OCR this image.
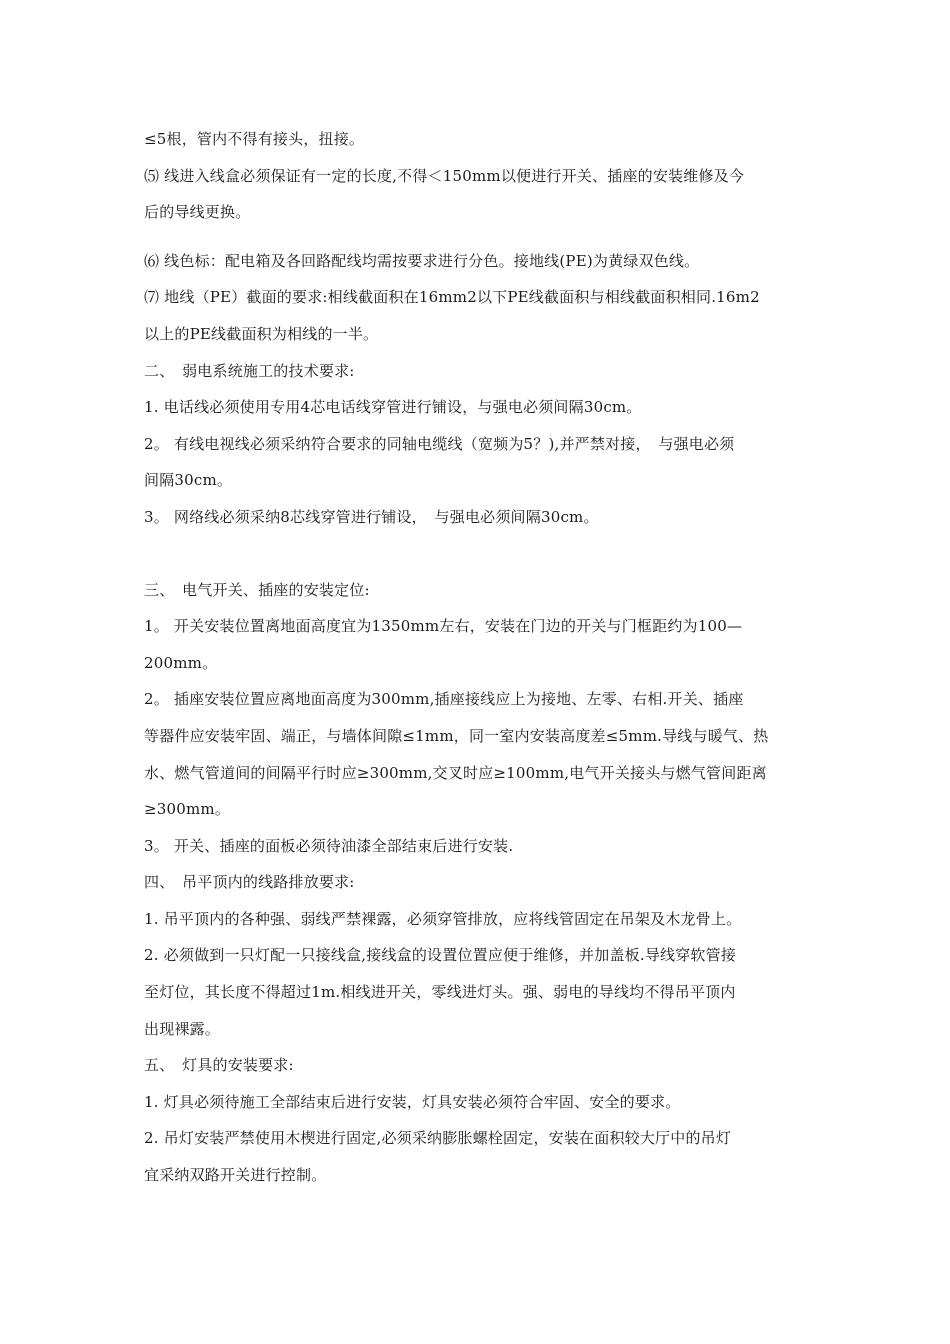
≤5根，管内不得有接头，扭接。
⑸ 线进入线盒必须保证有一定的长度,不得＜150mm以便进行开关、插座的安装维修及今
后的导线更换。
⑹ 线色标：配电箱及各回路配线均需按要求进行分色。接地线(PE)为黄绿双色线。
⑺ 地线（PE）截面的要求:相线截面积在16mm2以下PE线截面积与相线截面积相同.16m2
以上的PE线截面积为相线的一半。
二、　弱电系统施工的技术要求:
1. 电话线必须使用专用4芯电话线穿管进行铺设，与强电必须间隔30cm。
2。 有线电视线必须采纳符合要求的同轴电缆线（宽频为5？),并严禁对接，　与强电必须
间隔30cm。
3。 网络线必须采纳8芯线穿管进行铺设，　与强电必须间隔30cm。
三、　电气开关、插座的安装定位:
1。 开关安装位置离地面高度宜为1350mm左右，安装在门边的开关与门框距约为100—
200mm。
2。 插座安装位置应离地面高度为300mm,插座接线应上为接地、左零、右相.开关、插座
等器件应安装牢固、端正，与墙体间隙≤1mm，同一室内安装高度差≤5mm.导线与暖气、热
水、燃气管道间的间隔平行时应≥300mm,交叉时应≥100mm,电气开关接头与燃气管间距离
≥300mm。
3。 开关、插座的面板必须待油漆全部结束后进行安装.
四、　吊平顶内的线路排放要求:
1. 吊平顶内的各种强、弱线严禁裸露，必须穿管排放，应将线管固定在吊架及木龙骨上。
2. 必须做到一只灯配一只接线盒,接线盒的设置位置应便于维修，并加盖板.导线穿软管接
至灯位，其长度不得超过1m.相线进开关，零线进灯头。强、弱电的导线均不得吊平顶内
出现裸露。
五、　灯具的安装要求:
1. 灯具必须待施工全部结束后进行安装，灯具安装必须符合牢固、安全的要求。
2. 吊灯安装严禁使用木楔进行固定,必须采纳膨胀螺栓固定，安装在面积较大厅中的吊灯
宜采纳双路开关进行控制。
